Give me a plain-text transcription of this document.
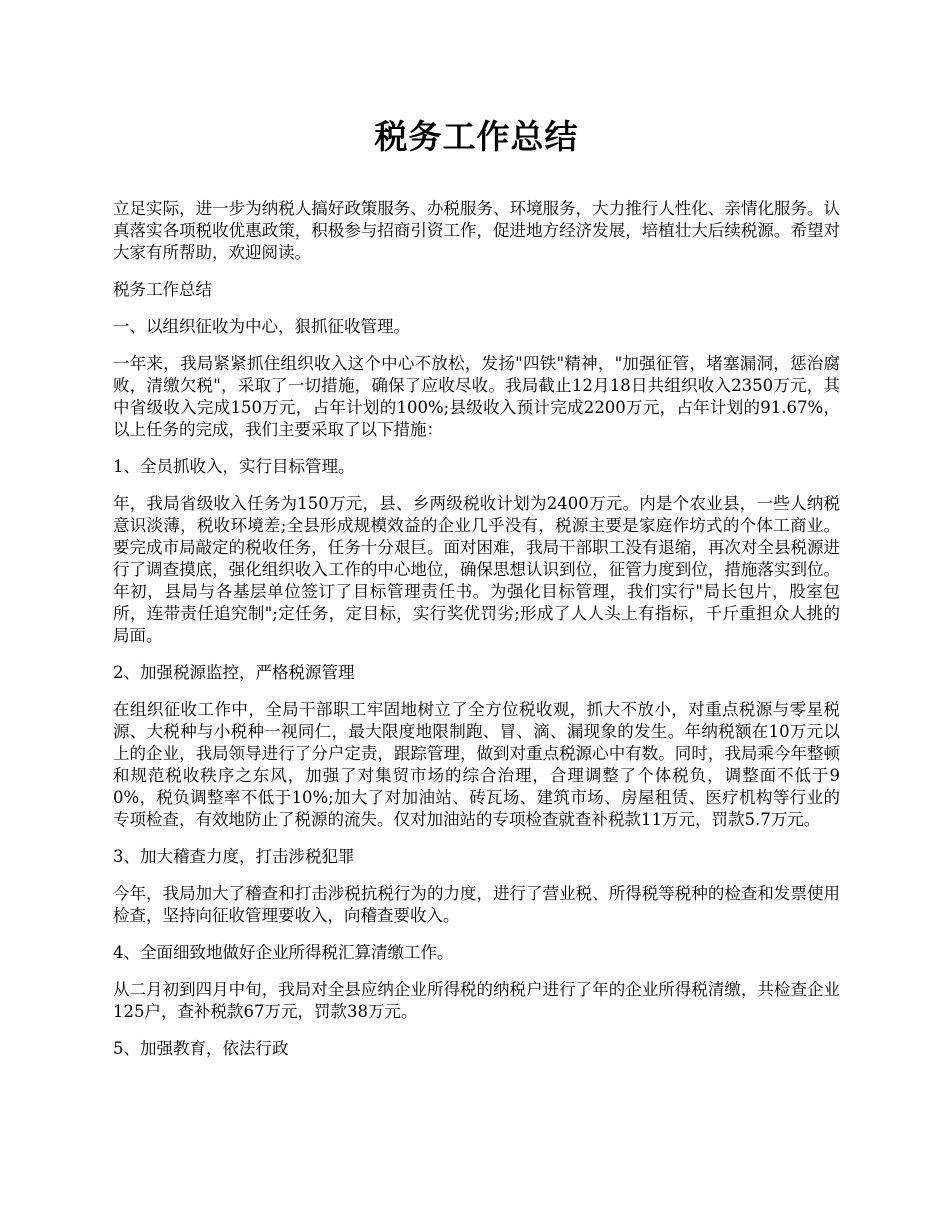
税务工作总结

立足实际，进一步为纳税人搞好政策服务、办税服务、环境服务，大力推行人性化、亲情化服务。认真落实各项税收优惠政策，积极参与招商引资工作，促进地方经济发展，培植壮大后续税源。希望对大家有所帮助，欢迎阅读。

税务工作总结

一、以组织征收为中心，狠抓征收管理。

一年来，我局紧紧抓住组织收入这个中心不放松，发扬"四铁"精神，"加强征管，堵塞漏洞，惩治腐败，清缴欠税"，采取了一切措施，确保了应收尽收。我局截止12月18日共组织收入2350万元，其中省级收入完成150万元，占年计划的100%;县级收入预计完成2200万元，占年计划的91.67%，以上任务的完成，我们主要采取了以下措施：

1、全员抓收入，实行目标管理。

年，我局省级收入任务为150万元，县、乡两级税收计划为2400万元。内是个农业县，一些人纳税意识淡薄，税收环境差;全县形成规模效益的企业几乎没有，税源主要是家庭作坊式的个体工商业。要完成市局敲定的税收任务，任务十分艰巨。面对困难，我局干部职工没有退缩，再次对全县税源进行了调查摸底，强化组织收入工作的中心地位，确保思想认识到位，征管力度到位，措施落实到位。年初，县局与各基层单位签订了目标管理责任书。为强化目标管理，我们实行"局长包片，股室包所，连带责任追究制";定任务，定目标，实行奖优罚劣;形成了人人头上有指标，千斤重担众人挑的局面。

2、加强税源监控，严格税源管理

在组织征收工作中，全局干部职工牢固地树立了全方位税收观，抓大不放小，对重点税源与零星税源、大税种与小税种一视同仁，最大限度地限制跑、冒、滴、漏现象的发生。年纳税额在10万元以上的企业，我局领导进行了分户定责，跟踪管理，做到对重点税源心中有数。同时，我局乘今年整顿和规范税收秩序之东风，加强了对集贸市场的综合治理，合理调整了个体税负，调整面不低于90%，税负调整率不低于10%;加大了对加油站、砖瓦场、建筑市场、房屋租赁、医疗机构等行业的专项检查，有效地防止了税源的流失。仅对加油站的专项检查就查补税款11万元，罚款5.7万元。

3、加大稽查力度，打击涉税犯罪

今年，我局加大了稽查和打击涉税抗税行为的力度，进行了营业税、所得税等税种的检查和发票使用检查，坚持向征收管理要收入，向稽查要收入。

4、全面细致地做好企业所得税汇算清缴工作。

从二月初到四月中旬，我局对全县应纳企业所得税的纳税户进行了年的企业所得税清缴，共检查企业125户，查补税款67万元，罚款38万元。

5、加强教育，依法行政
